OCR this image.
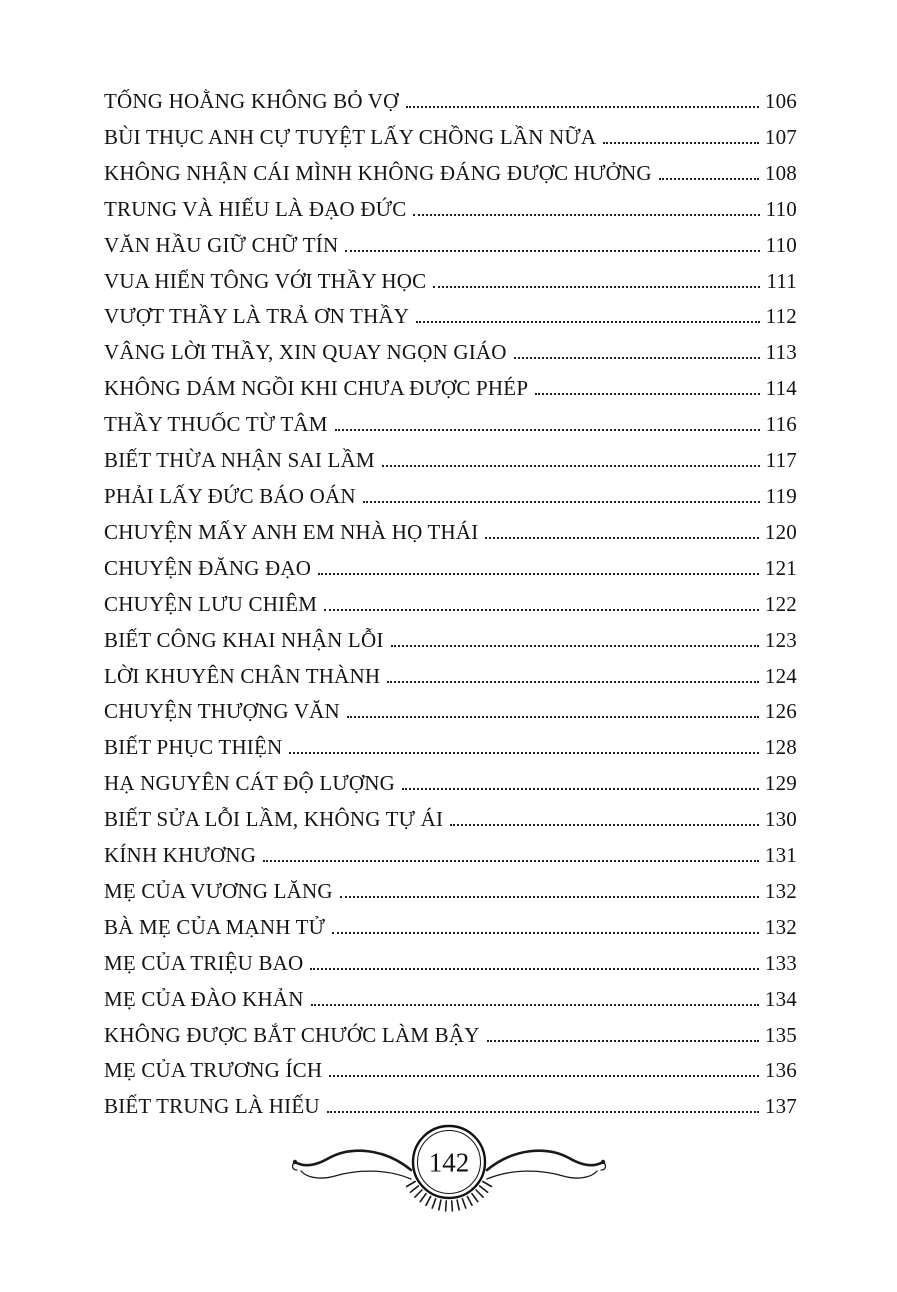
TỐNG HOẰNG KHÔNG BỎ VỢ	106
BÙI THỤC ANH CỰ TUYỆT LẤY CHỒNG LẦN NỮA	107
KHÔNG NHẬN CÁI MÌNH KHÔNG ĐÁNG ĐƯỢC HƯỞNG	108
TRUNG VÀ HIẾU LÀ ĐẠO ĐỨC	110
VĂN HẦU GIỮ CHỮ TÍN	110
VUA HIẾN TÔNG VỚI THẦY HỌC	111
VƯỢT THẦY LÀ TRẢ ƠN THẦY	112
VÂNG LỜI THẦY, XIN QUAY NGỌN GIÁO	113
KHÔNG DÁM NGỒI KHI CHƯA ĐƯỢC PHÉP	114
THẦY THUỐC TỪ TÂM	116
BIẾT THỪA NHẬN SAI LẦM	117
PHẢI LẤY ĐỨC BÁO OÁN	119
CHUYỆN MẤY ANH EM NHÀ HỌ THÁI	120
CHUYỆN ĐĂNG ĐẠO	121
CHUYỆN LƯU CHIÊM	122
BIẾT CÔNG KHAI NHẬN LỖI	123
LỜI KHUYÊN CHÂN THÀNH	124
CHUYỆN THƯỢNG VĂN	126
BIẾT PHỤC THIỆN	128
HẠ NGUYÊN CÁT ĐỘ LƯỢNG	129
BIẾT SỬA LỖI LẦM, KHÔNG TỰ ÁI	130
KÍNH KHƯƠNG	131
MẸ CỦA VƯƠNG LĂNG	132
BÀ MẸ CỦA MẠNH TỬ	132
MẸ CỦA TRIỆU BAO	133
MẸ CỦA ĐÀO KHẢN	134
KHÔNG ĐƯỢC BẮT CHƯỚC LÀM BẬY	135
MẸ CỦA TRƯƠNG ÍCH	136
BIẾT TRUNG LÀ HIẾU	137
142
